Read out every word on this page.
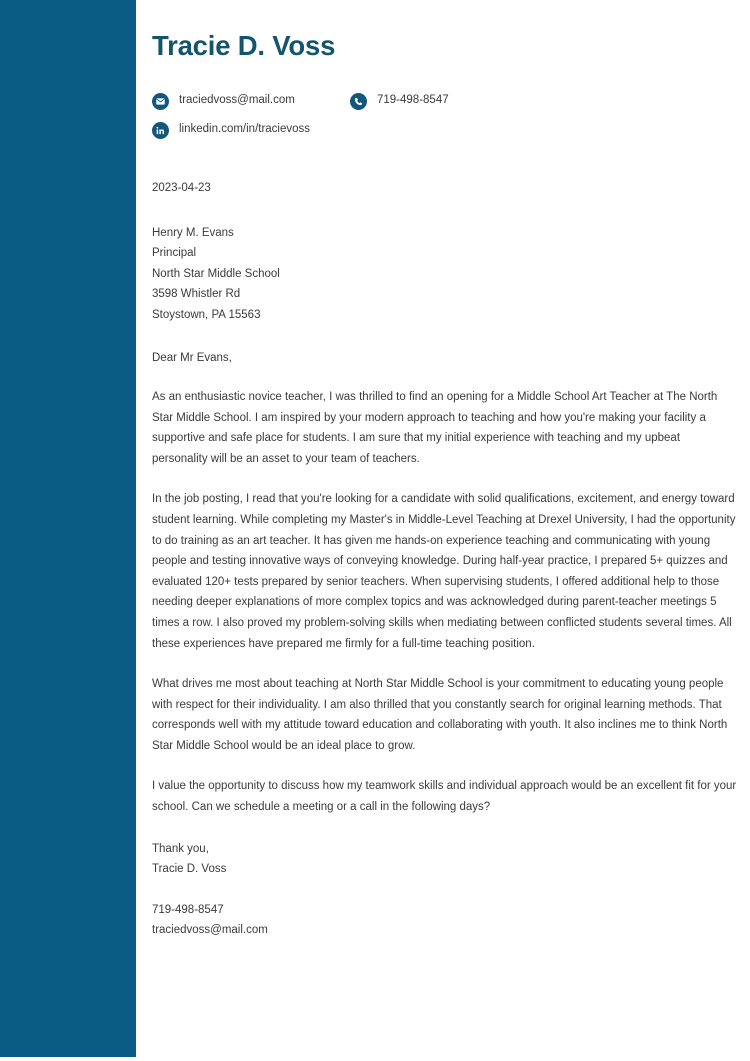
Tracie D. Voss
traciedvoss@mail.com	719-498-8547
linkedin.com/in/tracievoss
2023-04-23
Henry M. Evans
Principal
North Star Middle School
3598 Whistler Rd
Stoystown, PA 15563
Dear Mr Evans,

As an enthusiastic novice teacher, I was thrilled to find an opening for a Middle School Art Teacher at The North Star Middle School. I am inspired by your modern approach to teaching and how you're making your facility a supportive and safe place for students. I am sure that my initial experience with teaching and my upbeat personality will be an asset to your team of teachers.

In the job posting, I read that you're looking for a candidate with solid qualifications, excitement, and energy toward student learning. While completing my Master's in Middle-Level Teaching at Drexel University, I had the opportunity to do training as an art teacher. It has given me hands-on experience teaching and communicating with young people and testing innovative ways of conveying knowledge. During half-year practice, I prepared 5+ quizzes and evaluated 120+ tests prepared by senior teachers. When supervising students, I offered additional help to those needing deeper explanations of more complex topics and was acknowledged during parent-teacher meetings 5 times a row. I also proved my problem-solving skills when mediating between conflicted students several times. All these experiences have prepared me firmly for a full-time teaching position.

What drives me most about teaching at North Star Middle School is your commitment to educating young people with respect for their individuality. I am also thrilled that you constantly search for original learning methods. That corresponds well with my attitude toward education and collaborating with youth. It also inclines me to think North Star Middle School would be an ideal place to grow.

I value the opportunity to discuss how my teamwork skills and individual approach would be an excellent fit for your school. Can we schedule a meeting or a call in the following days?

Thank you,
Tracie D. Voss
719-498-8547
traciedvoss@mail.com
